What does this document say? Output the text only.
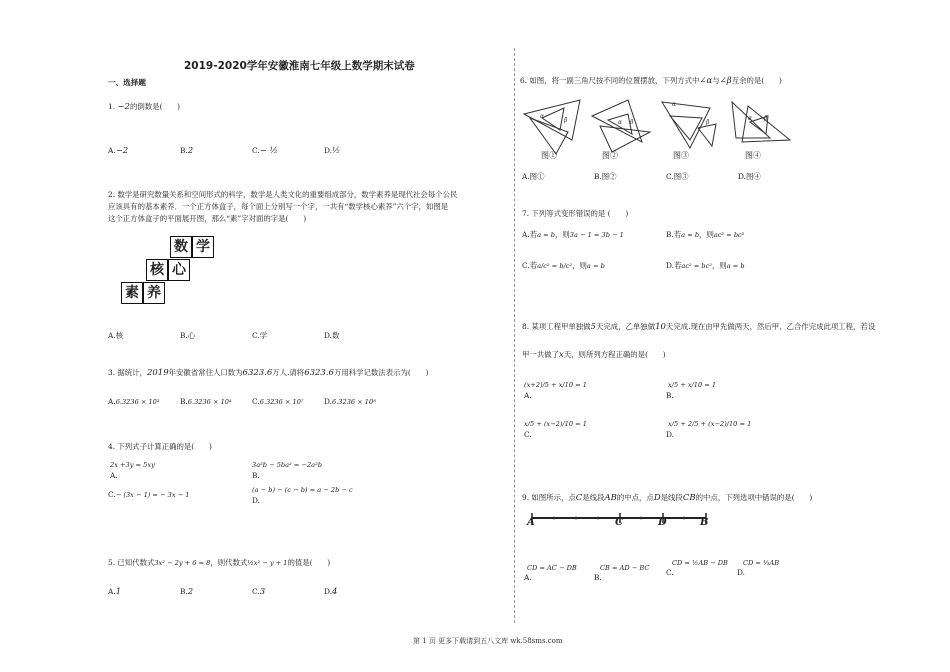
2019-2020学年安徽淮南七年级上数学期末试卷
一、选择题
1. −2的倒数是(　　)
A.−2	B.2	C.− ½	D.½
2. 数学是研究数量关系和空间形式的科学，数学是人类文化的重要组成部分，数学素养是现代社会每个公民
应该具有的基本素养．一个正方体盒子，每个面上分别写一个字，一共有“数学核心素养”六个字，如图是
这个正方体盒子的平面展开图，那么“素”字对面的字是(　　)
数 学
核 心
素 养
A.核	B.心	C.学	D.数
3. 据统计，2019年安徽省常住人口数为6323.6万人.请将6323.6万用科学记数法表示为(　　)
A.6.3236 × 10³	B.6.3236 × 10⁴	C.6.3236 × 10⁷	D.6.3236 × 10⁸
4. 下列式子计算正确的是(　　)
2x +3y = 5xy
A.
3a²b − 5ba² = −2a²b
B.
C.− (3x − 1) = − 3x − 1
(a − b) − (c − b) = a − 2b − c
D.
5. 已知代数式3x² − 2y + 6 = 8，则代数式½x² − y + 1的值是(　　)
A.1	B.2	C.3	D.4
6. 如图，将一副三角尺按不同的位置摆放，下列方式中∠α与∠β互余的是(　　)
α
β	α β
α
β
α β
图①	图②	图③	图④
A.图①	B.图②	C.图③	D.图④
7. 下列等式变形错误的是 (　　)
A.若a = b，则3a − 1 = 3b − 1	B.若a = b，则ac² = bc²
C.若a/c² = b/c²，则a = b	D.若ac² = bc²，则a = b
8. 某项工程甲单独做5天完成，乙单独做10天完成.现在由甲先做两天，然后甲、乙合作完成此项工程，若设
甲一共做了x天，则所列方程正确的是(　　)
(x+2)/5 + x/10 = 1
A.
x/5 + x/10 = 1
B.
x/5 + (x−2)/10 = 1
C.
x/5 + 2/5 + (x−2)/10 = 1
D.
9. 如图所示，点C是线段AB的中点，点D是线段CB的中点，下列选项中错误的是(　　)
A	C	D	B
CD = AC − DB
A.
CB = AD − BC
B.
CD = ½AB − DB
C.
CD = ⅓AB
D.
第 1 页 更多下载请到五八文库 wk.58sms.com
